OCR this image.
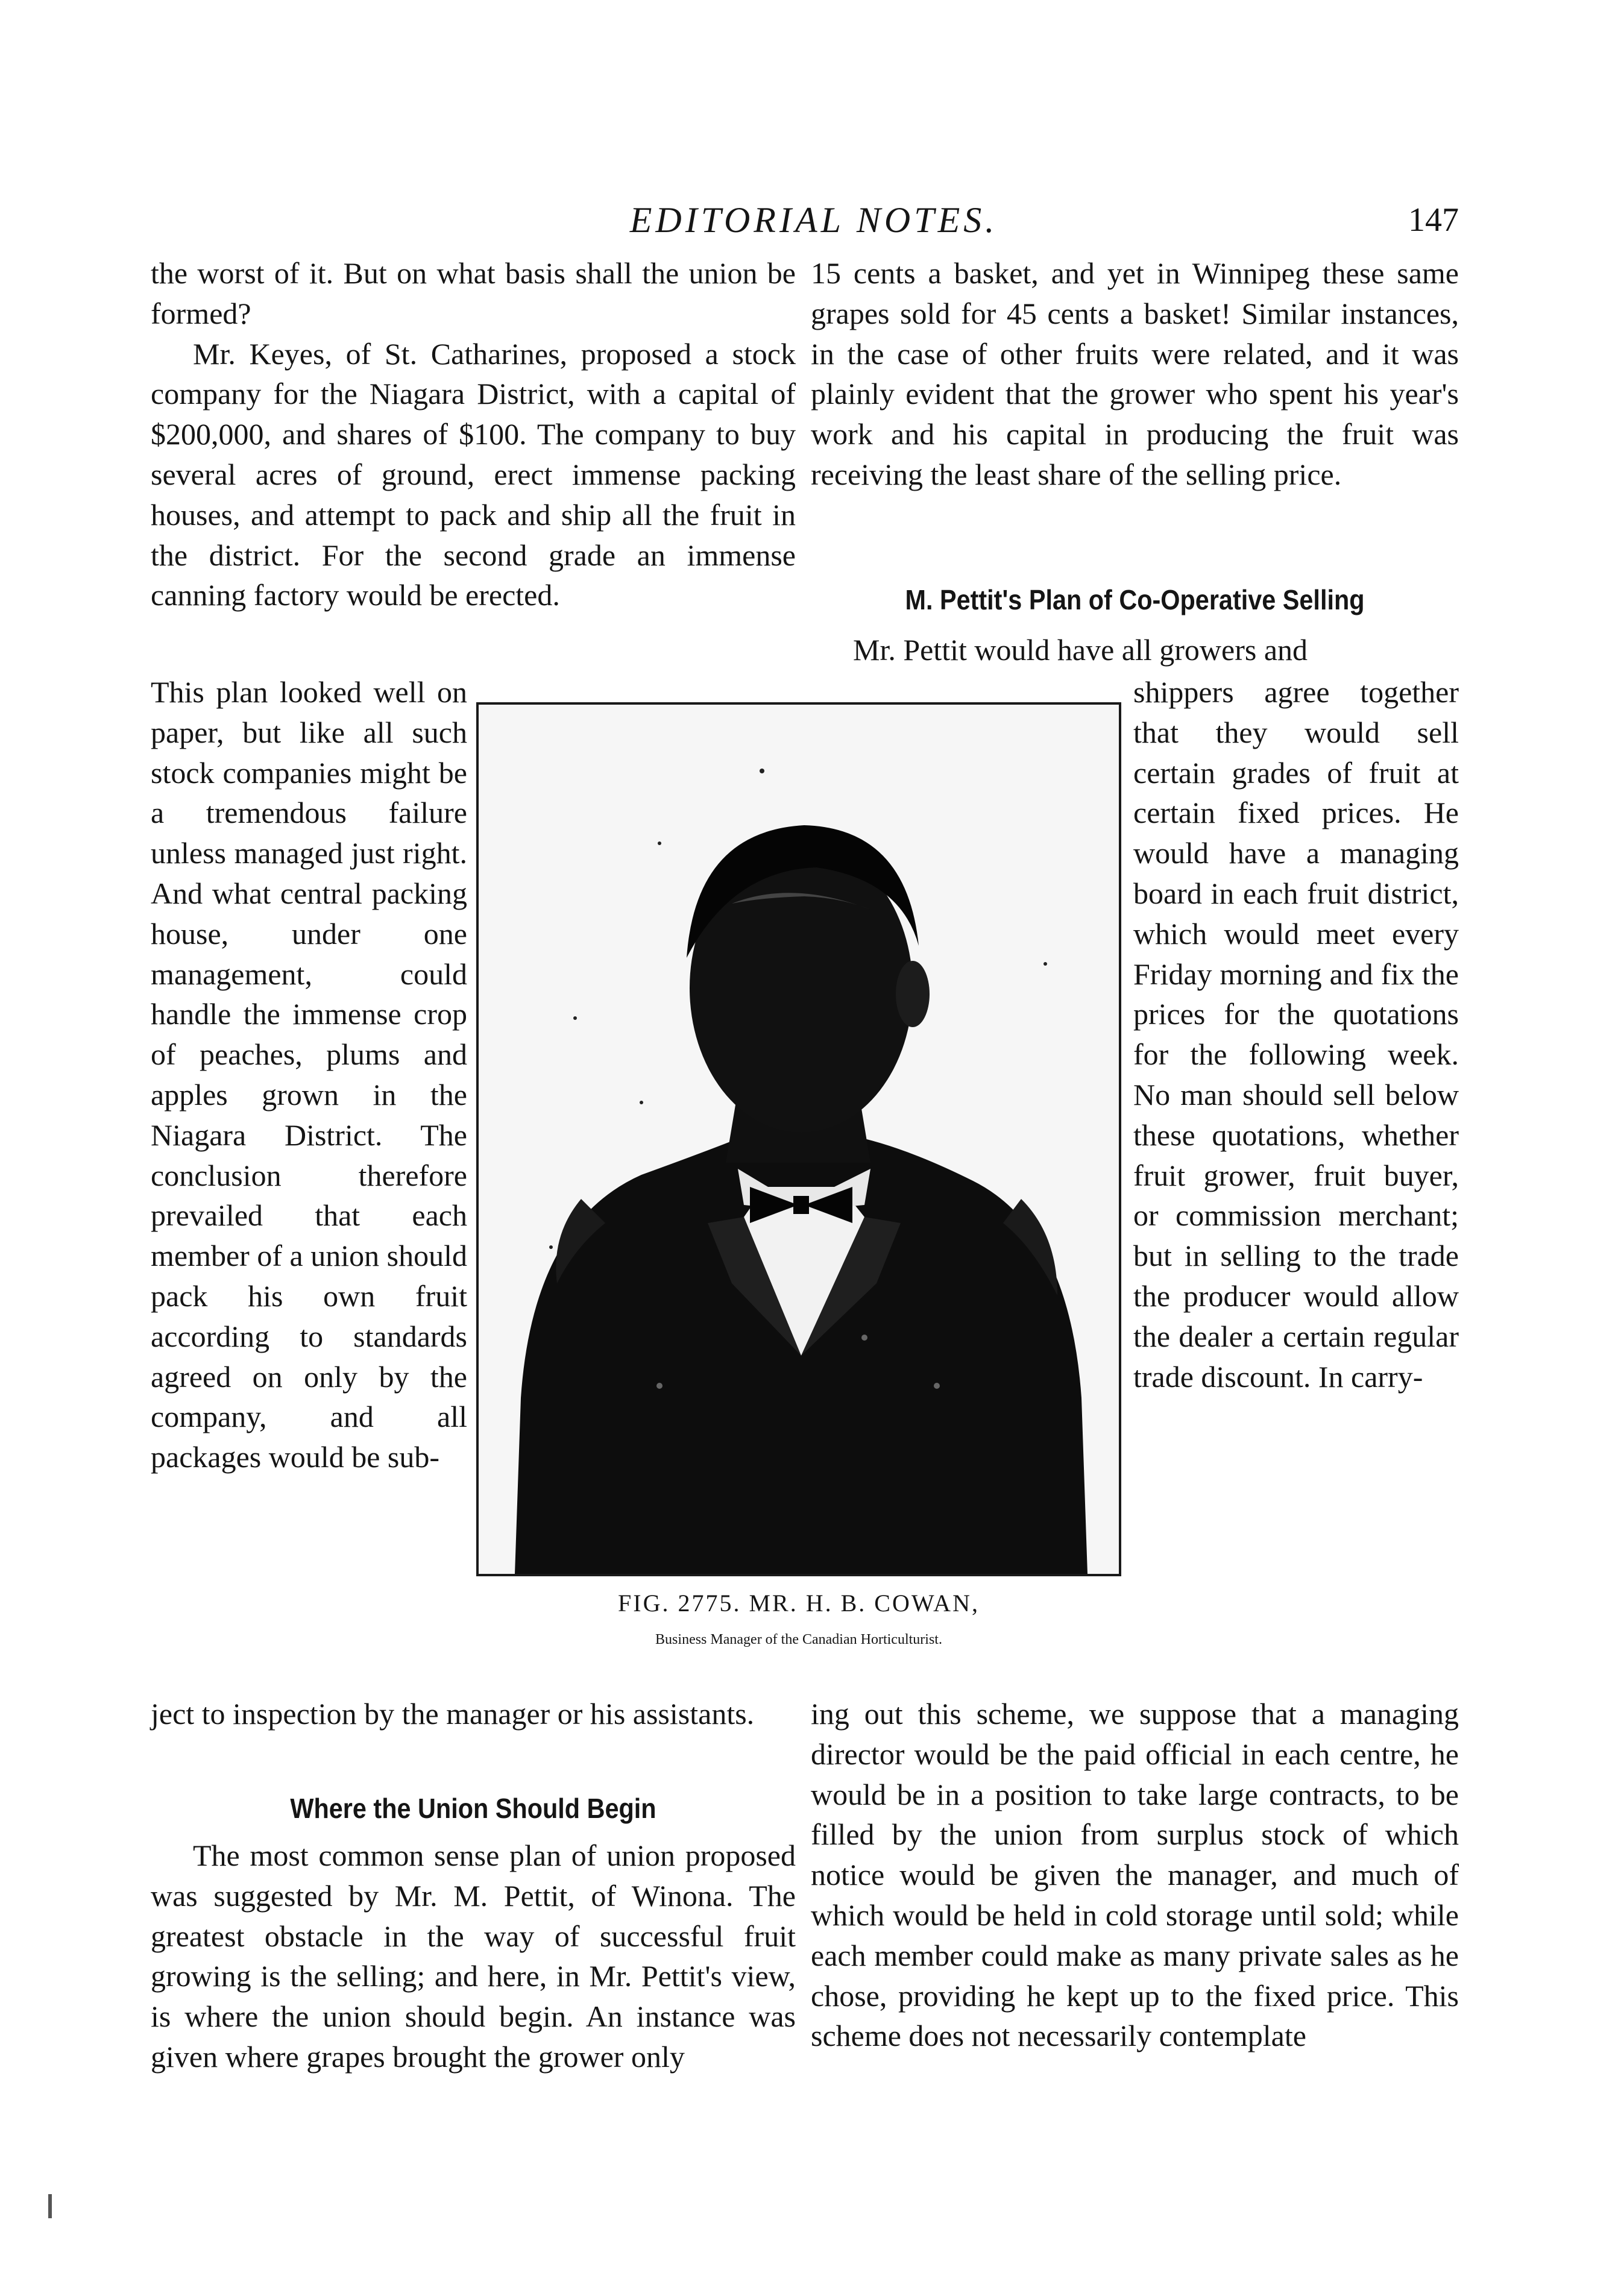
EDITORIAL NOTES.	147

the worst of it. But on what basis shall the union be formed?

Mr. Keyes, of St. Catharines, proposed a stock company for the Niagara District, with a capital of $200,000, and shares of $100. The company to buy several acres of ground, erect immense packing houses, and attempt to pack and ship all the fruit in the district. For the second grade an immense canning factory would be erected.

This plan looked well on paper, but like all such stock companies might be a tremendous failure unless managed just right. And what central packing house, under one management, could handle the immense crop of peaches, plums and apples grown in the Niagara District. The conclusion therefore prevailed that each member of a union should pack his own fruit according to standards agreed on only by the company, and all packages would be sub-

ject to inspection by the manager or his assistants.

Where the Union Should Begin

The most common sense plan of union proposed was suggested by Mr. M. Pettit, of Winona. The greatest obstacle in the way of successful fruit growing is the selling; and here, in Mr. Pettit's view, is where the union should begin. An instance was given where grapes brought the grower only

FIG. 2775. MR. H. B. COWAN,
Business Manager of the Canadian Horticulturist.

15 cents a basket, and yet in Winnipeg these same grapes sold for 45 cents a basket! Similar instances, in the case of other fruits were related, and it was plainly evident that the grower who spent his year's work and his capital in producing the fruit was receiving the least share of the selling price.

M. Pettit's Plan of Co-Operative Selling

Mr. Pettit would have all growers and

shippers agree together that they would sell certain grades of fruit at certain fixed prices. He would have a managing board in each fruit district, which would meet every Friday morning and fix the prices for the quotations for the following week. No man should sell below these quotations, whether fruit grower, fruit buyer, or commission merchant; but in selling to the trade the producer would allow the dealer a certain regular trade discount. In carry-

ing out this scheme, we suppose that a managing director would be the paid official in each centre, he would be in a position to take large contracts, to be filled by the union from surplus stock of which notice would be given the manager, and much of which would be held in cold storage until sold; while each member could make as many private sales as he chose, providing he kept up to the fixed price. This scheme does not necessarily contemplate
